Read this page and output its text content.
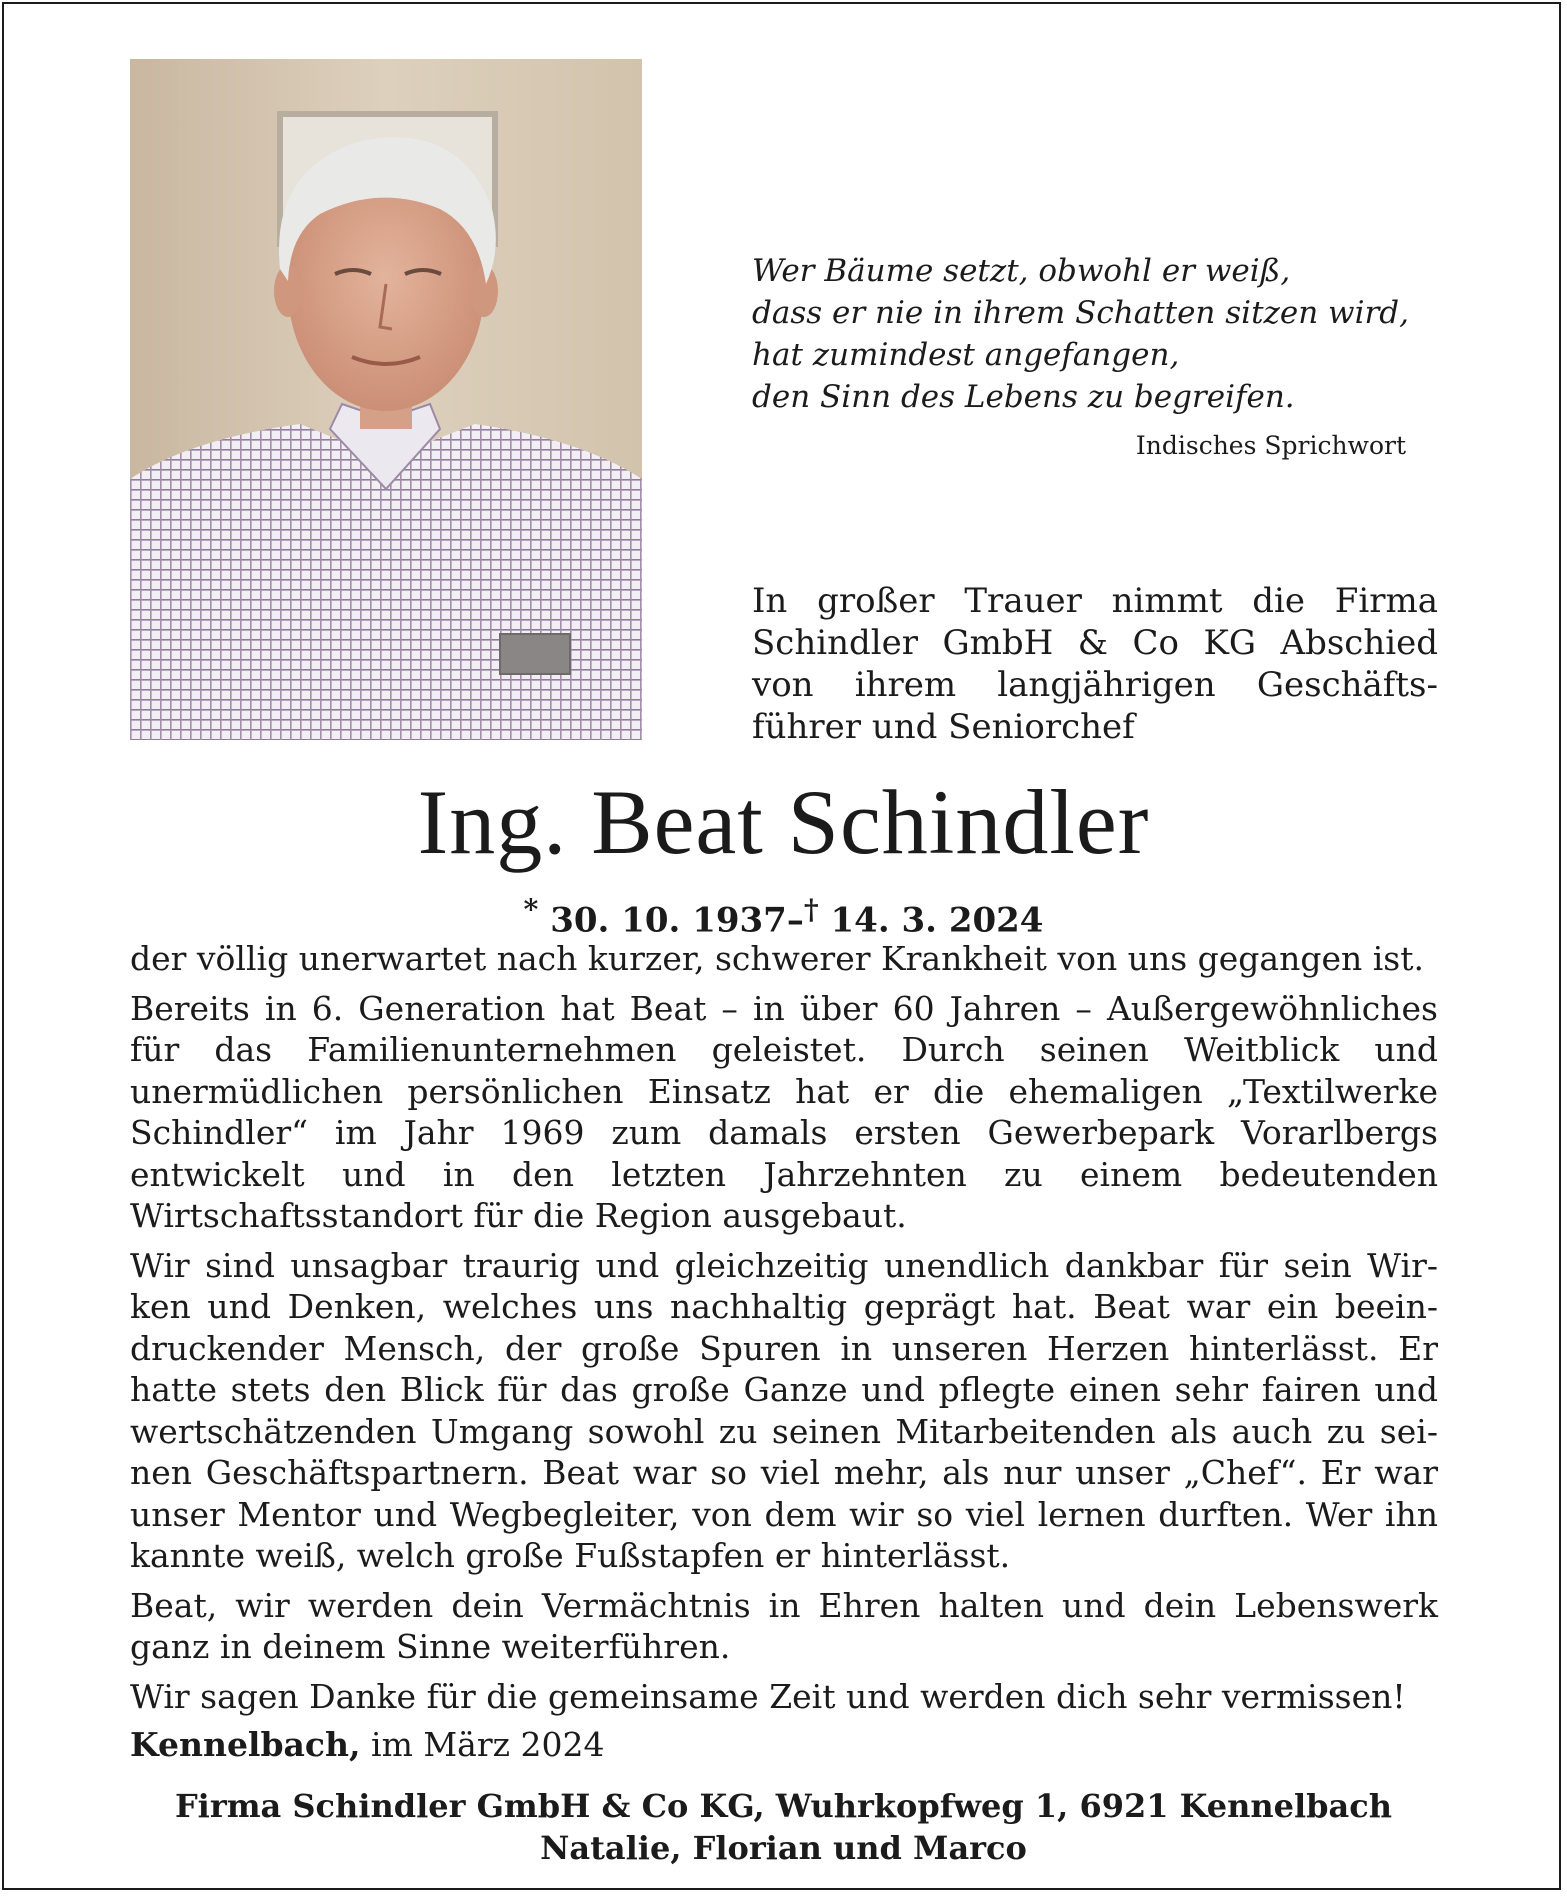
Wer Bäume setzt, obwohl er weiß,
dass er nie in ihrem Schatten sitzen wird,
hat zumindest angefangen,
den Sinn des Lebens zu begreifen.
Indisches Sprichwort
In großer Trauer nimmt die Firma Schindler GmbH & Co KG Abschied von ihrem langjährigen Geschäftsführer und Seniorchef
Ing. Beat Schindler
* 30. 10. 1937–† 14. 3. 2024

der völlig unerwartet nach kurzer, schwerer Krankheit von uns gegangen ist.

Bereits in 6. Generation hat Beat – in über 60 Jahren – Außergewöhnliches für das Familienunternehmen geleistet. Durch seinen Weitblick und unermüdlichen persönlichen Einsatz hat er die ehemaligen „Textilwerke Schindler“ im Jahr 1969 zum damals ersten Gewerbepark Vorarlbergs entwickelt und in den letzten Jahrzehnten zu einem bedeutenden Wirtschaftsstandort für die Region ausgebaut.

Wir sind unsagbar traurig und gleichzeitig unendlich dankbar für sein Wirken und Denken, welches uns nachhaltig geprägt hat. Beat war ein beeindruckender Mensch, der große Spuren in unseren Herzen hinterlässt. Er hatte stets den Blick für das große Ganze und pflegte einen sehr fairen und wertschätzenden Umgang sowohl zu seinen Mitarbeitenden als auch zu seinen Geschäftspartnern. Beat war so viel mehr, als nur unser „Chef“. Er war unser Mentor und Wegbegleiter, von dem wir so viel lernen durften. Wer ihn kannte weiß, welch große Fußstapfen er hinterlässt.

Beat, wir werden dein Vermächtnis in Ehren halten und dein Lebenswerk ganz in deinem Sinne weiterführen.

Wir sagen Danke für die gemeinsame Zeit und werden dich sehr vermissen!

Kennelbach, im März 2024
Firma Schindler GmbH & Co KG, Wuhrkopfweg 1, 6921 Kennelbach
Natalie, Florian und Marco
